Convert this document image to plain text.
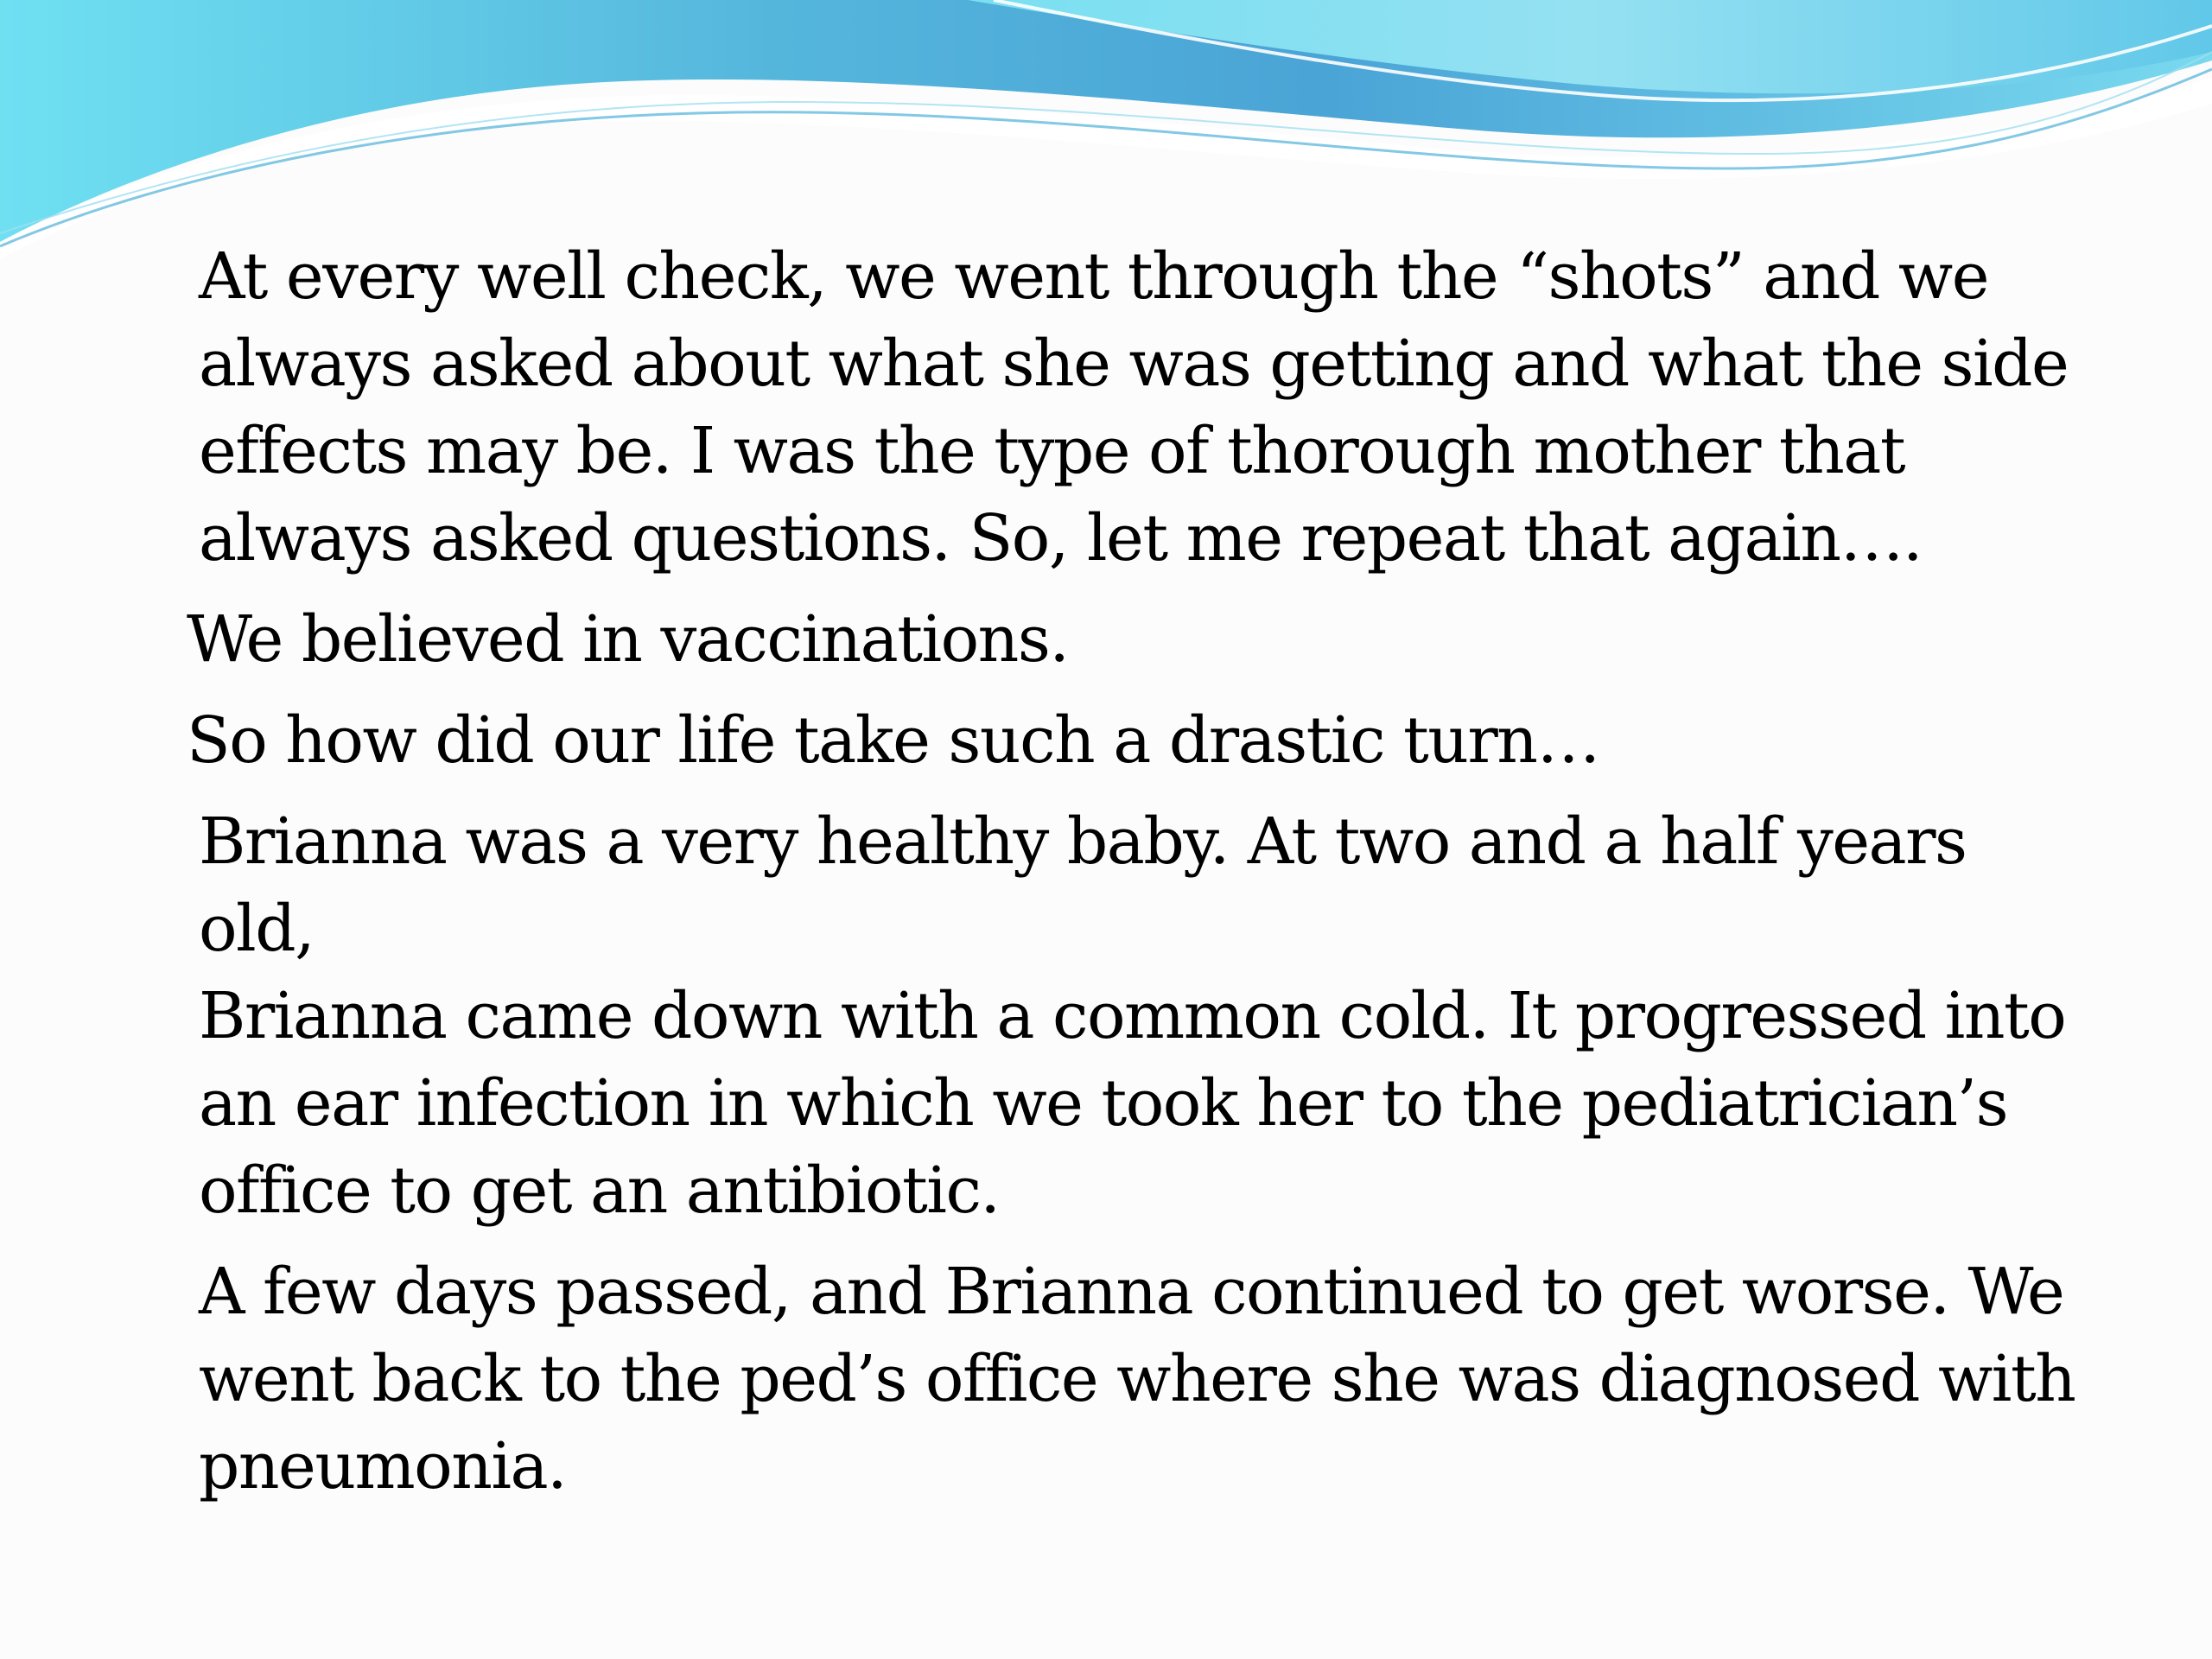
At every well check, we went through the “shots” and we
always asked about what she was getting and what the side
effects may be. I was the type of thorough mother that
always asked questions. So, let me repeat that again….

We believed in vaccinations.

So how did our life take such a drastic turn…

Brianna was a very healthy baby. At two and a half years old,
Brianna came down with a common cold. It progressed into
an ear infection in which we took her to the pediatrician’s
office to get an antibiotic.

A few days passed, and Brianna continued to get worse. We
went back to the ped’s office where she was diagnosed with
pneumonia.
